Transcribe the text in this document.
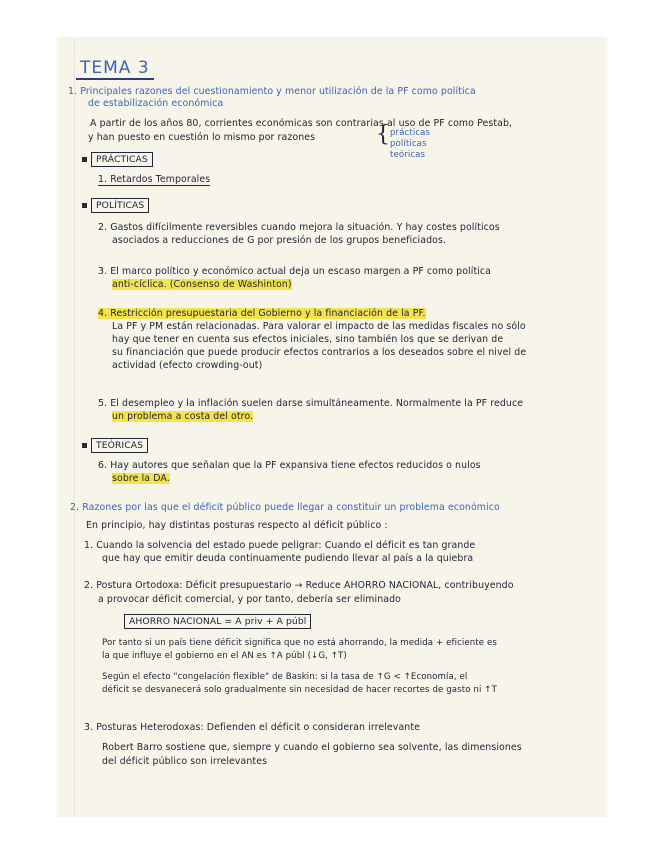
TEMA 3
1. Principales razones del cuestionamiento y menor utilización de la PF como política
de estabilización económica
A partir de los años 80, corrientes económicas son contrarias al uso de PF como Pestab,
y han puesto en cuestión lo mismo por razones	{ prácticas
políticas
teóricas
PRÁCTICAS
1. Retardos Temporales
POLÍTICAS
2. Gastos difícilmente reversibles cuando mejora la situación. Y hay costes políticos
asociados a reducciones de G por presión de los grupos beneficiados.
3. El marco político y económico actual deja un escaso margen a PF como política
anti-cíclica. (Consenso de Washinton)
4. Restricción presupuestaria del Gobierno y la financiación de la PF.
La PF y PM están relacionadas. Para valorar el impacto de las medidas fiscales no sólo
hay que tener en cuenta sus efectos iniciales, sino también los que se derivan de
su financiación que puede producir efectos contrarios a los deseados sobre el nivel de
actividad (efecto crowding-out)
5. El desempleo y la inflación suelen darse simultáneamente. Normalmente la PF reduce
un problema a costa del otro.
TEÓRICAS
6. Hay autores que señalan que la PF expansiva tiene efectos reducidos o nulos
sobre la DA.
2. Razones por las que el déficit público puede llegar a constituir un problema económico
En principio, hay distintas posturas respecto al déficit público :
1. Cuando la solvencia del estado puede peligrar: Cuando el déficit es tan grande
que hay que emitir deuda continuamente pudiendo llevar al país a la quiebra
2. Postura Ortodoxa: Déficit presupuestario → Reduce AHORRO NACIONAL, contribuyendo
a provocar déficit comercial, y por tanto, debería ser eliminado
AHORRO NACIONAL = A priv + A públ
Por tanto si un país tiene déficit significa que no está ahorrando, la medida + eficiente es
la que influye el gobierno en el AN es ↑A públ (↓G, ↑T)
Según el efecto "congelación flexible" de Baskin: si la tasa de ↑G < ↑Economía, el
déficit se desvanecerá solo gradualmente sin necesidad de hacer recortes de gasto ni ↑T
3. Posturas Heterodoxas: Defienden el déficit o consideran irrelevante
Robert Barro sostiene que, siempre y cuando el gobierno sea solvente, las dimensiones
del déficit público son irrelevantes
